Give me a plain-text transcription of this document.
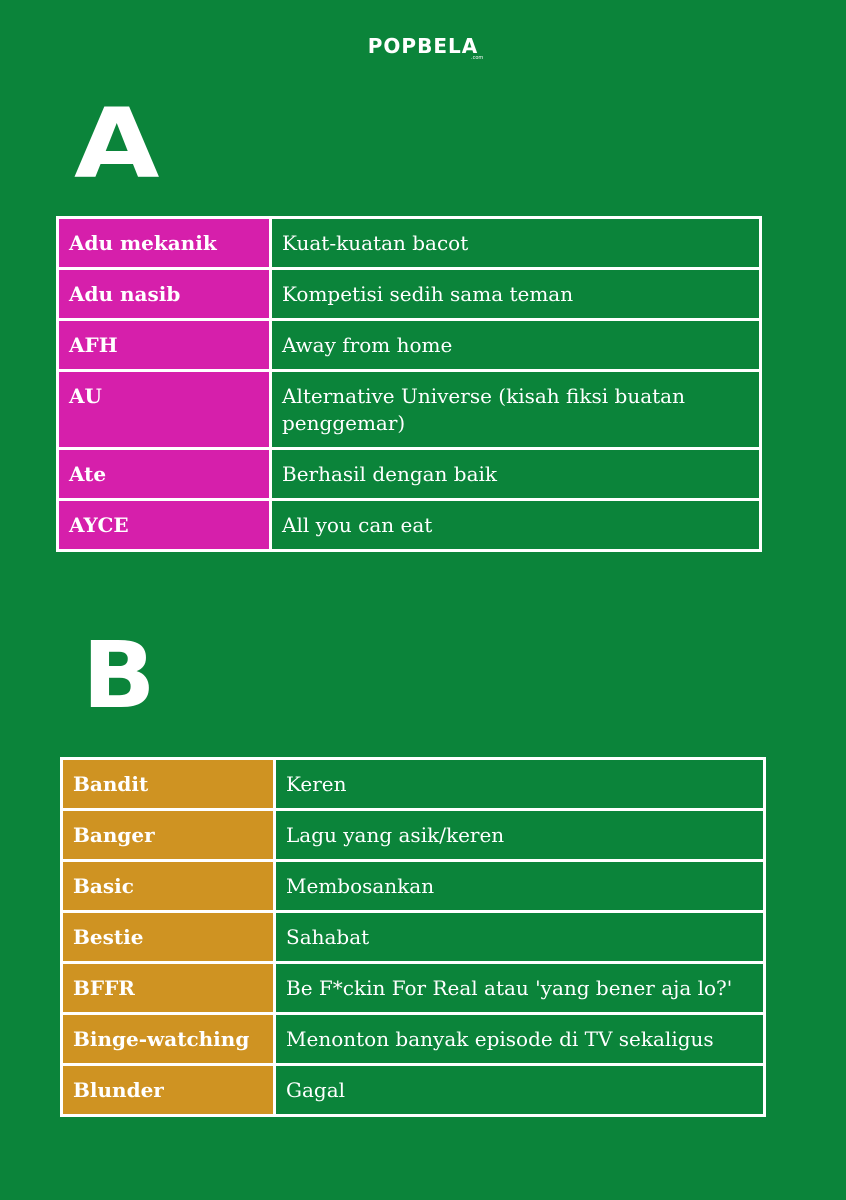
POPBELA
.com
A
Adu mekanik	Kuat-kuatan bacot
Adu nasib	Kompetisi sedih sama teman
AFH	Away from home
AU	Alternative Universe (kisah fiksi buatan penggemar)
Ate	Berhasil dengan baik
AYCE	All you can eat
B
Bandit	Keren
Banger	Lagu yang asik/keren
Basic	Membosankan
Bestie	Sahabat
BFFR	Be F*ckin For Real atau 'yang bener aja lo?'
Binge-watching	Menonton banyak episode di TV sekaligus
Blunder	Gagal
